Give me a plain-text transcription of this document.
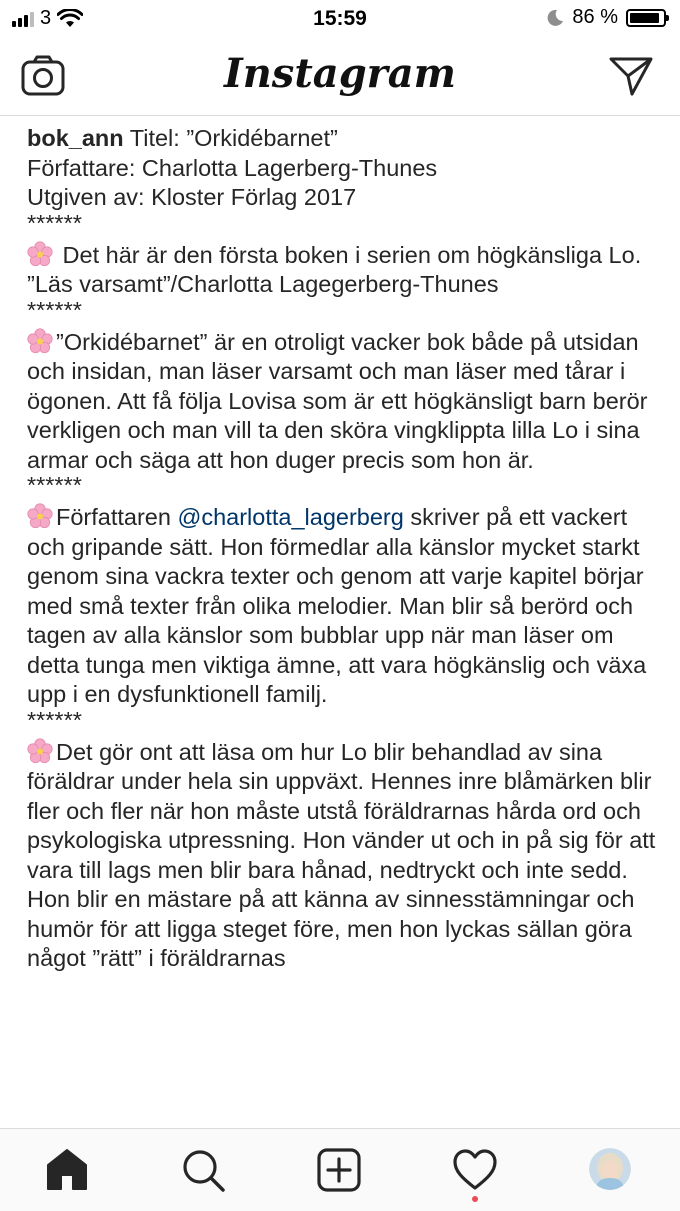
3	15:59	86 %
Instagram

bok_ann Titel: ”Orkidébarnet”

Författare: Charlotta Lagerberg-Thunes

Utgiven av: Kloster Förlag 2017

******

Det här är den första boken i serien om högkänsliga Lo.

”Läs varsamt”/Charlotta Lagegerberg-Thunes

******

”Orkidébarnet” är en otroligt vacker bok både på utsidan och insidan, man läser varsamt och man läser med tårar i ögonen. Att få följa Lovisa som är ett högkänsligt barn berör verkligen och man vill ta den sköra vingklippta lilla Lo i sina armar och säga att hon duger precis som hon är.

******

Författaren @charlotta_lagerberg skriver på ett vackert och gripande sätt. Hon förmedlar alla känslor mycket starkt genom sina vackra texter och genom att varje kapitel börjar med små texter från olika melodier. Man blir så berörd och tagen av alla känslor som bubblar upp när man läser om detta tunga men viktiga ämne, att vara högkänslig och växa upp i en dysfunktionell familj.

******

Det gör ont att läsa om hur Lo blir behandlad av sina föräldrar under hela sin uppväxt. Hennes inre blåmärken blir fler och fler när hon måste utstå föräldrarnas hårda ord och psykologiska utpressning. Hon vänder ut och in på sig för att vara till lags men blir bara hånad, nedtryckt och inte sedd.

Hon blir en mästare på att känna av sinnesstämningar och humör för att ligga steget före, men hon lyckas sällan göra något ”rätt” i föräldrarnas
